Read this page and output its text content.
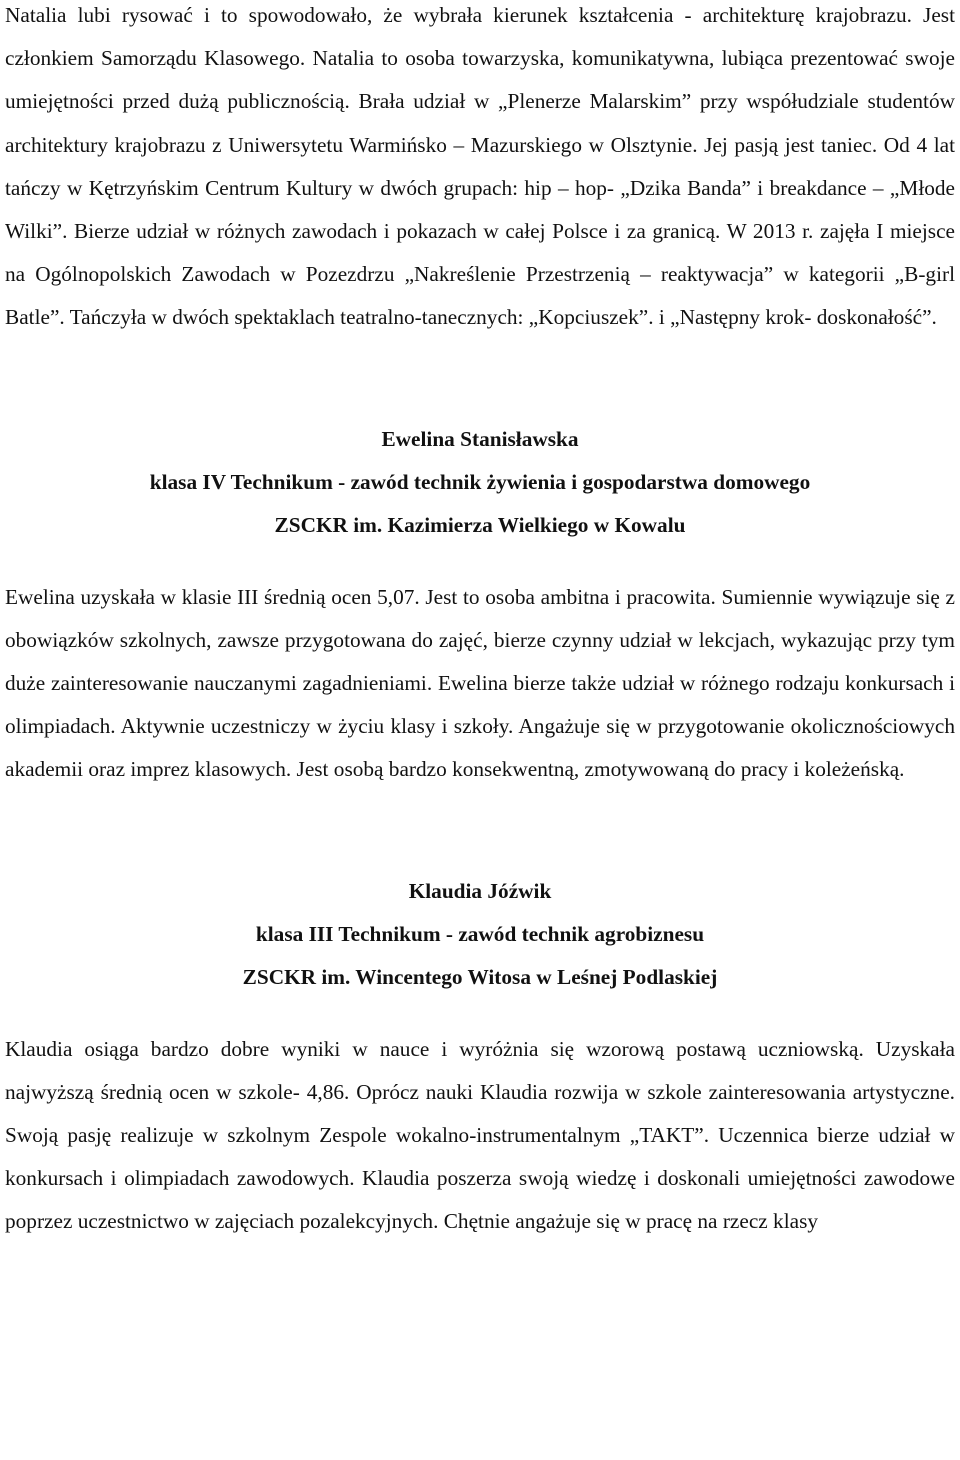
Natalia lubi rysować i to spowodowało, że wybrała kierunek kształcenia - architekturę krajobrazu. Jest członkiem Samorządu Klasowego. Natalia to osoba towarzyska, komunikatywna, lubiąca prezentować swoje umiejętności przed dużą publicznością. Brała udział w „Plenerze Malarskim” przy współudziale studentów architektury krajobrazu z Uniwersytetu Warmińsko – Mazurskiego w Olsztynie. Jej pasją jest taniec. Od 4 lat tańczy w Kętrzyńskim Centrum Kultury w dwóch grupach: hip – hop- „Dzika Banda” i breakdance – „Młode Wilki”. Bierze udział w różnych zawodach i pokazach w całej Polsce i za granicą. W 2013 r. zajęła I miejsce na Ogólnopolskich Zawodach w Pozezdrzu „Nakreślenie Przestrzenią – reaktywacja” w kategorii „B-girl Batle”. Tańczyła w dwóch spektaklach teatralno-tanecznych: „Kopciuszek”. i „Następny krok- doskonałość”.

Ewelina Stanisławska
klasa IV Technikum - zawód technik żywienia i gospodarstwa domowego
ZSCKR im. Kazimierza Wielkiego w Kowalu

Ewelina uzyskała w klasie III średnią ocen 5,07. Jest to osoba ambitna i pracowita. Sumiennie wywiązuje się z obowiązków szkolnych, zawsze przygotowana do zajęć, bierze czynny udział w lekcjach, wykazując przy tym duże zainteresowanie nauczanymi zagadnieniami. Ewelina bierze także udział w różnego rodzaju konkursach i olimpiadach. Aktywnie uczestniczy w życiu klasy i szkoły. Angażuje się w przygotowanie okolicznościowych akademii oraz imprez klasowych. Jest osobą bardzo konsekwentną, zmotywowaną do pracy i koleżeńską.

Klaudia Jóźwik
klasa III Technikum - zawód technik agrobiznesu
ZSCKR im. Wincentego Witosa w Leśnej Podlaskiej

Klaudia osiąga bardzo dobre wyniki w nauce i wyróżnia się wzorową postawą uczniowską. Uzyskała najwyższą średnią ocen w szkole- 4,86. Oprócz nauki Klaudia rozwija w szkole zainteresowania artystyczne. Swoją pasję realizuje w szkolnym Zespole wokalno-instrumentalnym „TAKT”. Uczennica bierze udział w konkursach i olimpiadach zawodowych. Klaudia poszerza swoją wiedzę i doskonali umiejętności zawodowe poprzez uczestnictwo w zajęciach pozalekcyjnych. Chętnie angażuje się w pracę na rzecz klasy
